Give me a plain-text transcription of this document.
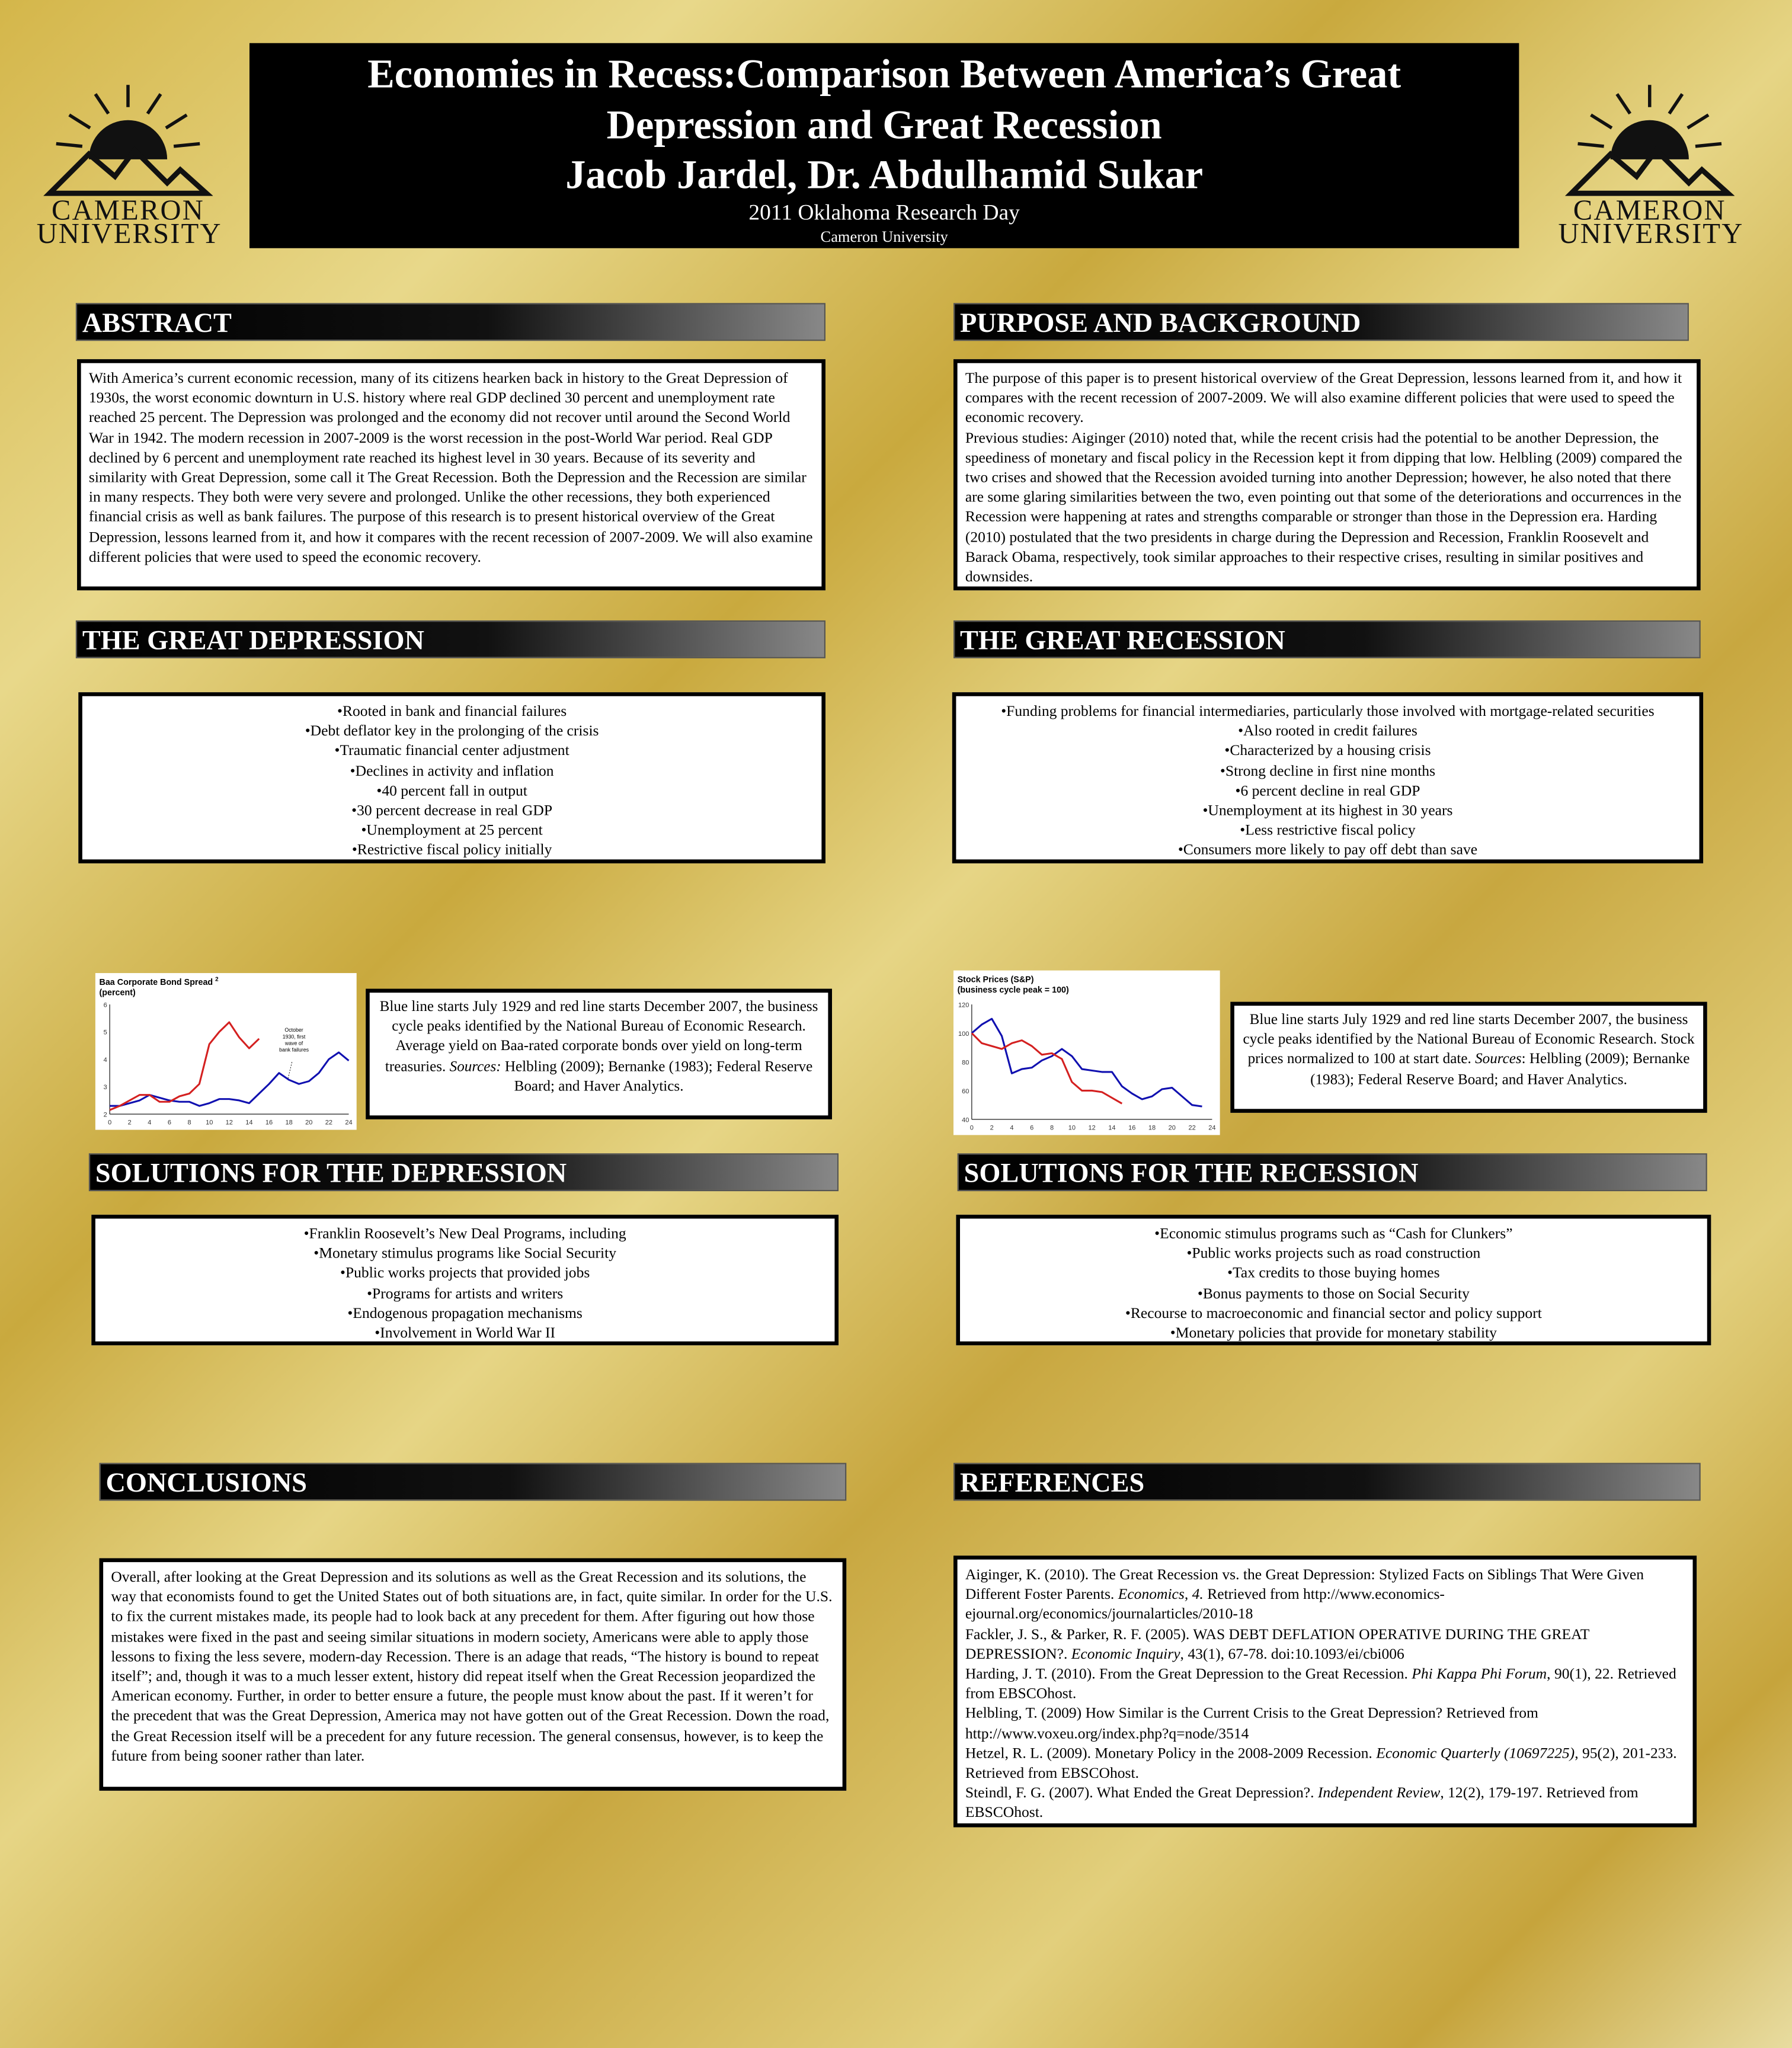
CAMERON
UNIVERSITY
CAMERON
UNIVERSITY
Economies in Recess:Comparison Between America’s Great
Depression and Great Recession
Jacob Jardel, Dr. Abdulhamid Sukar
2011 Oklahoma Research Day
Cameron University
ABSTRACT
With America’s current economic recession, many of its citizens hearken back in history to the Great Depression of 1930s, the worst economic downturn in U.S. history where real GDP declined 30 percent and unemployment rate reached 25 percent. The Depression was prolonged and the economy did not recover until around the Second World War in 1942. The modern recession in 2007-2009 is the worst recession in the post-World War period. Real GDP declined by 6 percent and unemployment rate reached its highest level in 30 years. Because of its severity and similarity with Great Depression, some call it The Great Recession. Both the Depression and the Recession are similar in many respects. They both were very severe and prolonged. Unlike the other recessions, they both experienced financial crisis as well as bank failures. The purpose of this research is to present historical overview of the Great Depression, lessons learned from it, and how it compares with the recent recession of 2007-2009. We will also examine different policies that were used to speed the economic recovery.
PURPOSE AND BACKGROUND
The purpose of this paper is to present historical overview of the Great Depression, lessons learned from it, and how it compares with the recent recession of 2007-2009. We will also examine different policies that were used to speed the economic recovery.
Previous studies: Aiginger (2010) noted that, while the recent crisis had the potential to be another Depression, the speediness of monetary and fiscal policy in the Recession kept it from dipping that low. Helbling (2009) compared the two crises and showed that the Recession avoided turning into another Depression; however, he also noted that there are some glaring similarities between the two, even pointing out that some of the deteriorations and occurrences in the Recession were happening at rates and strengths comparable or stronger than those in the Depression era. Harding (2010) postulated that the two presidents in charge during the Depression and Recession, Franklin Roosevelt and Barack Obama, respectively, took similar approaches to their respective crises, resulting in similar positives and downsides.
THE GREAT DEPRESSION
•Rooted in bank and financial failures
•Debt deflator key in the prolonging of the crisis
•Traumatic financial center adjustment
•Declines in activity and inflation
•40 percent fall in output
•30 percent decrease in real GDP
•Unemployment at 25 percent
•Restrictive fiscal policy initially
THE GREAT RECESSION
•Funding problems for financial intermediaries, particularly those involved with mortgage-related securities
•Also rooted in credit failures
•Characterized by a housing crisis
•Strong decline in first nine months
•6 percent decline in real GDP
•Unemployment at its highest in 30 years
•Less restrictive fiscal policy
•Consumers more likely to pay off debt than save
Baa Corporate Bond Spread 2
(percent)
2
3
4
5
6
0	2	4	6	8	10	12	14	16	18	20	22	24
October
1930, first
wave of
bank failures
Blue line starts July 1929 and red line starts December 2007, the business cycle peaks identified by the National Bureau of Economic Research. Average yield on Baa-rated corporate bonds over yield on long-term treasuries. Sources: Helbling (2009); Bernanke (1983); Federal Reserve Board; and Haver Analytics.
Stock Prices (S&P)
(business cycle peak = 100)
40
60
80
100
120
0	2	4	6	8	10	12	14	16	18	20	22	24
Blue line starts July 1929 and red line starts December 2007, the business cycle peaks identified by the National Bureau of Economic Research. Stock prices normalized to 100 at start date. Sources: Helbling (2009); Bernanke (1983); Federal Reserve Board; and Haver Analytics.
SOLUTIONS FOR THE DEPRESSION
•Franklin Roosevelt’s New Deal Programs, including
•Monetary stimulus programs like Social Security
•Public works projects that provided jobs
•Programs for artists and writers
•Endogenous propagation mechanisms
•Involvement in World War II
SOLUTIONS FOR THE RECESSION
•Economic stimulus programs such as “Cash for Clunkers”
•Public works projects such as road construction
•Tax credits to those buying homes
•Bonus payments to those on Social Security
•Recourse to macroeconomic and financial sector and policy support
•Monetary policies that provide for monetary stability
CONCLUSIONS
Overall, after looking at the Great Depression and its solutions as well as the Great Recession and its solutions, the way that economists found to get the United States out of both situations are, in fact, quite similar. In order for the U.S. to fix the current mistakes made, its people had to look back at any precedent for them. After figuring out how those mistakes were fixed in the past and seeing similar situations in modern society, Americans were able to apply those lessons to fixing the less severe, modern-day Recession. There is an adage that reads, “The history is bound to repeat itself”; and, though it was to a much lesser extent, history did repeat itself when the Great Recession jeopardized the American economy. Further, in order to better ensure a future, the people must know about the past. If it weren’t for the precedent that was the Great Depression, America may not have gotten out of the Great Recession. Down the road, the Great Recession itself will be a precedent for any future recession. The general consensus, however, is to keep the future from being sooner rather than later.
REFERENCES
Aiginger, K. (2010). The Great Recession vs. the Great Depression: Stylized Facts on Siblings That Were Given Different Foster Parents. Economics, 4. Retrieved from http://www.economics-ejournal.org/economics/journalarticles/2010-18
Fackler, J. S., & Parker, R. F. (2005). WAS DEBT DEFLATION OPERATIVE DURING THE GREAT DEPRESSION?. Economic Inquiry, 43(1), 67-78. doi:10.1093/ei/cbi006
Harding, J. T. (2010). From the Great Depression to the Great Recession. Phi Kappa Phi Forum, 90(1), 22. Retrieved from EBSCOhost.
Helbling, T. (2009) How Similar is the Current Crisis to the Great Depression? Retrieved from http://www.voxeu.org/index.php?q=node/3514
Hetzel, R. L. (2009). Monetary Policy in the 2008-2009 Recession. Economic Quarterly (10697225), 95(2), 201-233. Retrieved from EBSCOhost.
Steindl, F. G. (2007). What Ended the Great Depression?. Independent Review, 12(2), 179-197. Retrieved from EBSCOhost.
